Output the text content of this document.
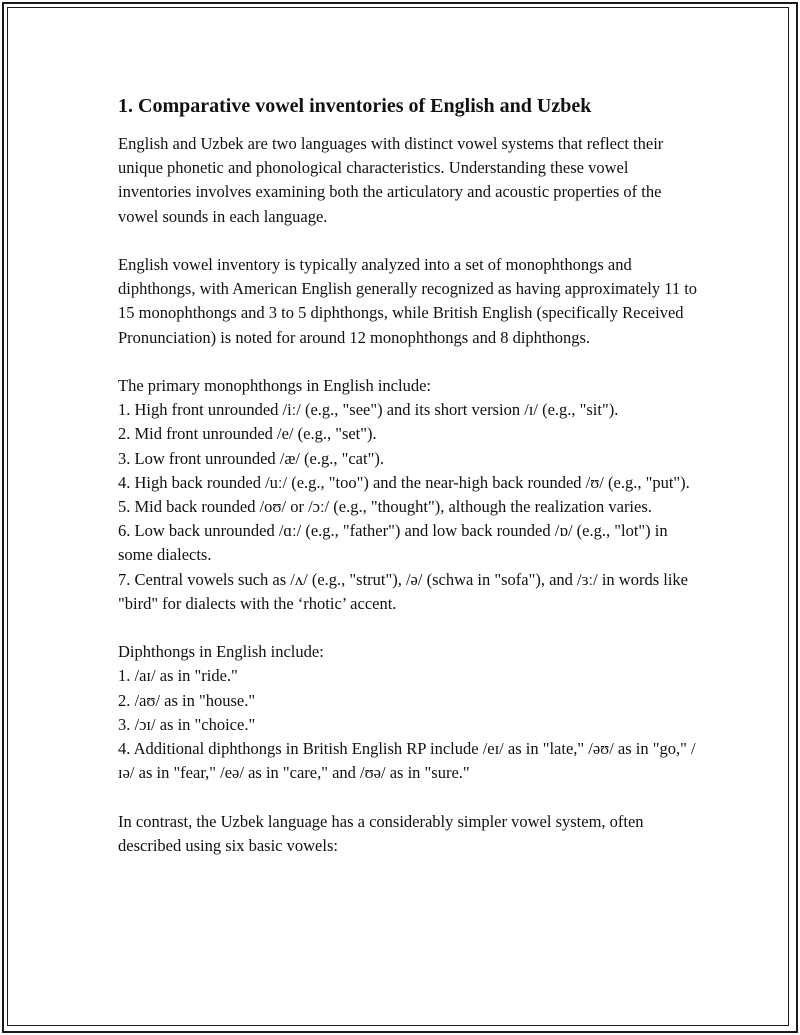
1. Comparative vowel inventories of English and Uzbek

English and Uzbek are two languages with distinct vowel systems that reflect their unique phonetic and phonological characteristics. Understanding these vowel inventories involves examining both the articulatory and acoustic properties of the vowel sounds in each language.

English vowel inventory is typically analyzed into a set of monophthongs and diphthongs, with American English generally recognized as having approximately 11 to 15 monophthongs and 3 to 5 diphthongs, while British English (specifically Received Pronunciation) is noted for around 12 monophthongs and 8 diphthongs.

The primary monophthongs in English include:

1. High front unrounded /iː/ (e.g., "see") and its short version /ɪ/ (e.g., "sit").
2. Mid front unrounded /e/ (e.g., "set").
3. Low front unrounded /æ/ (e.g., "cat").
4. High back rounded /uː/ (e.g., "too") and the near-high back rounded /ʊ/ (e.g., "put").
5. Mid back rounded /oʊ/ or /ɔː/ (e.g., "thought"), although the realization varies.
6. Low back unrounded /ɑː/ (e.g., "father") and low back rounded /ɒ/ (e.g., "lot") in some dialects.
7. Central vowels such as /ʌ/ (e.g., "strut"), /ə/ (schwa in "sofa"), and /ɜː/ in words like "bird" for dialects with the ‘rhotic’ accent.

Diphthongs in English include:

1. /aɪ/ as in "ride."
2. /aʊ/ as in "house."
3. /ɔɪ/ as in "choice."
4. Additional diphthongs in British English RP include /eɪ/ as in "late," /əʊ/ as in "go," /ɪə/ as in "fear," /eə/ as in "care," and /ʊə/ as in "sure."

In contrast, the Uzbek language has a considerably simpler vowel system, often described using six basic vowels:
